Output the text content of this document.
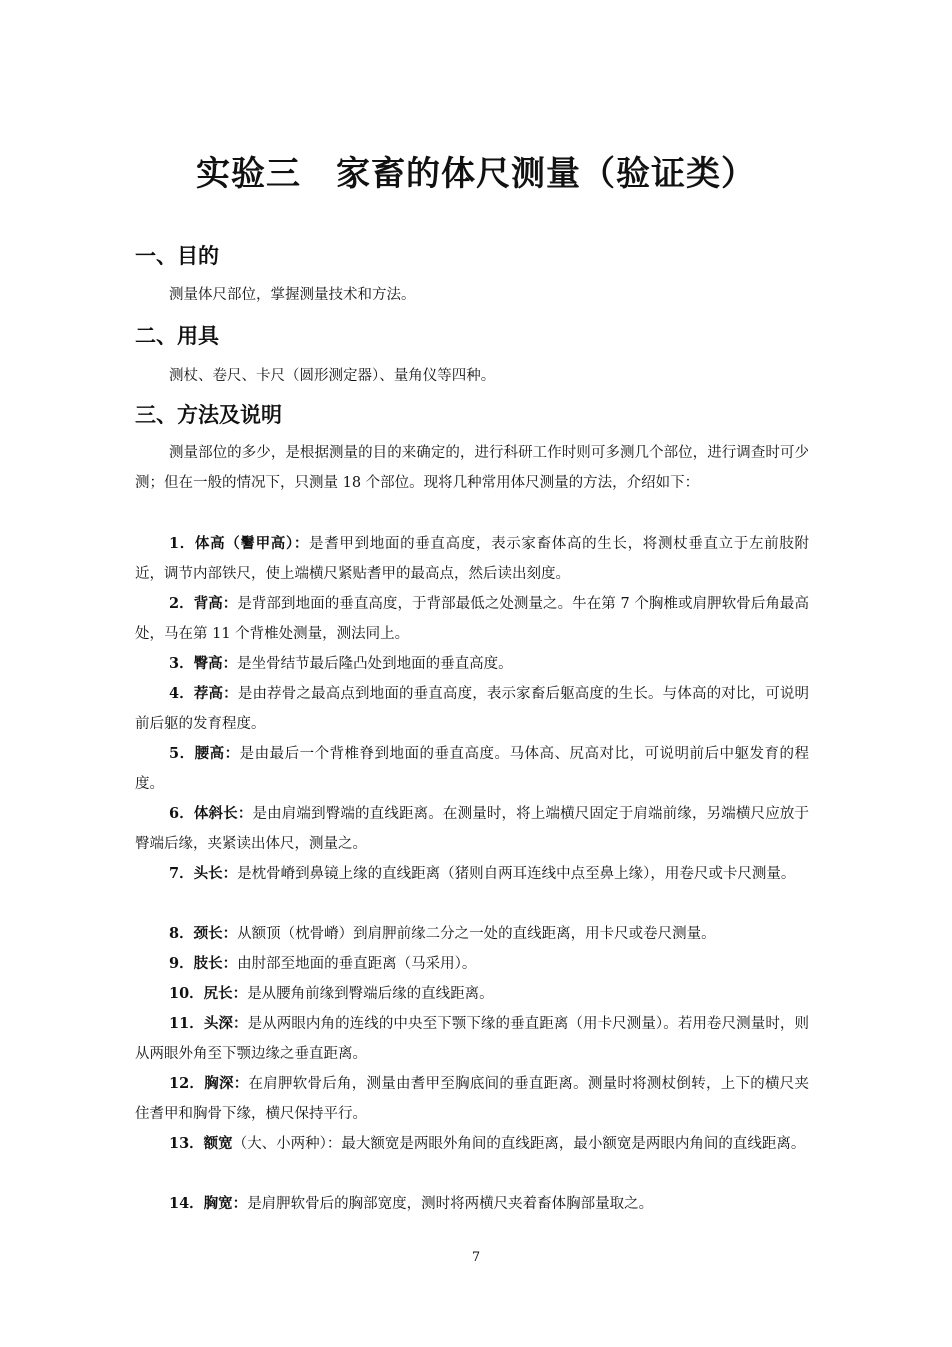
实验三　家畜的体尺测量（验证类）
一、目的

测量体尺部位，掌握测量技术和方法。

二、用具

测杖、卷尺、卡尺（圆形测定器）、量角仪等四种。

三、方法及说明

测量部位的多少，是根据测量的目的来确定的，进行科研工作时则可多测几个部位，进行调查时可少测；但在一般的情况下，只测量 18 个部位。现将几种常用体尺测量的方法，介绍如下：

1．体高（鬐甲高）：是耆甲到地面的垂直高度，表示家畜体高的生长，将测杖垂直立于左前肢附近，调节内部铁尺，使上端横尺紧贴耆甲的最高点，然后读出刻度。

2．背高：是背部到地面的垂直高度，于背部最低之处测量之。牛在第 7 个胸椎或肩胛软骨后角最高处，马在第 11 个背椎处测量，测法同上。

3．臀高：是坐骨结节最后隆凸处到地面的垂直高度。

4．荐高：是由荐骨之最高点到地面的垂直高度，表示家畜后躯高度的生长。与体高的对比，可说明前后躯的发育程度。

5．腰高：是由最后一个背椎脊到地面的垂直高度。马体高、尻高对比，可说明前后中躯发育的程度。

6．体斜长：是由肩端到臀端的直线距离。在测量时，将上端横尺固定于肩端前缘，另端横尺应放于臀端后缘，夹紧读出体尺，测量之。

7．头长：是枕骨嵴到鼻镜上缘的直线距离（猪则自两耳连线中点至鼻上缘），用卷尺或卡尺测量。

8．颈长：从额顶（枕骨嵴）到肩胛前缘二分之一处的直线距离，用卡尺或卷尺测量。

9．肢长：由肘部至地面的垂直距离（马采用）。

10．尻长：是从腰角前缘到臀端后缘的直线距离。

11．头深：是从两眼内角的连线的中央至下颚下缘的垂直距离（用卡尺测量）。若用卷尺测量时，则从两眼外角至下颚边缘之垂直距离。

12．胸深：在肩胛软骨后角，测量由耆甲至胸底间的垂直距离。测量时将测杖倒转，上下的横尺夹住耆甲和胸骨下缘，横尺保持平行。

13．额宽（大、小两种）：最大额宽是两眼外角间的直线距离，最小额宽是两眼内角间的直线距离。

14．胸宽：是肩胛软骨后的胸部宽度，测时将两横尺夹着畜体胸部量取之。

7
